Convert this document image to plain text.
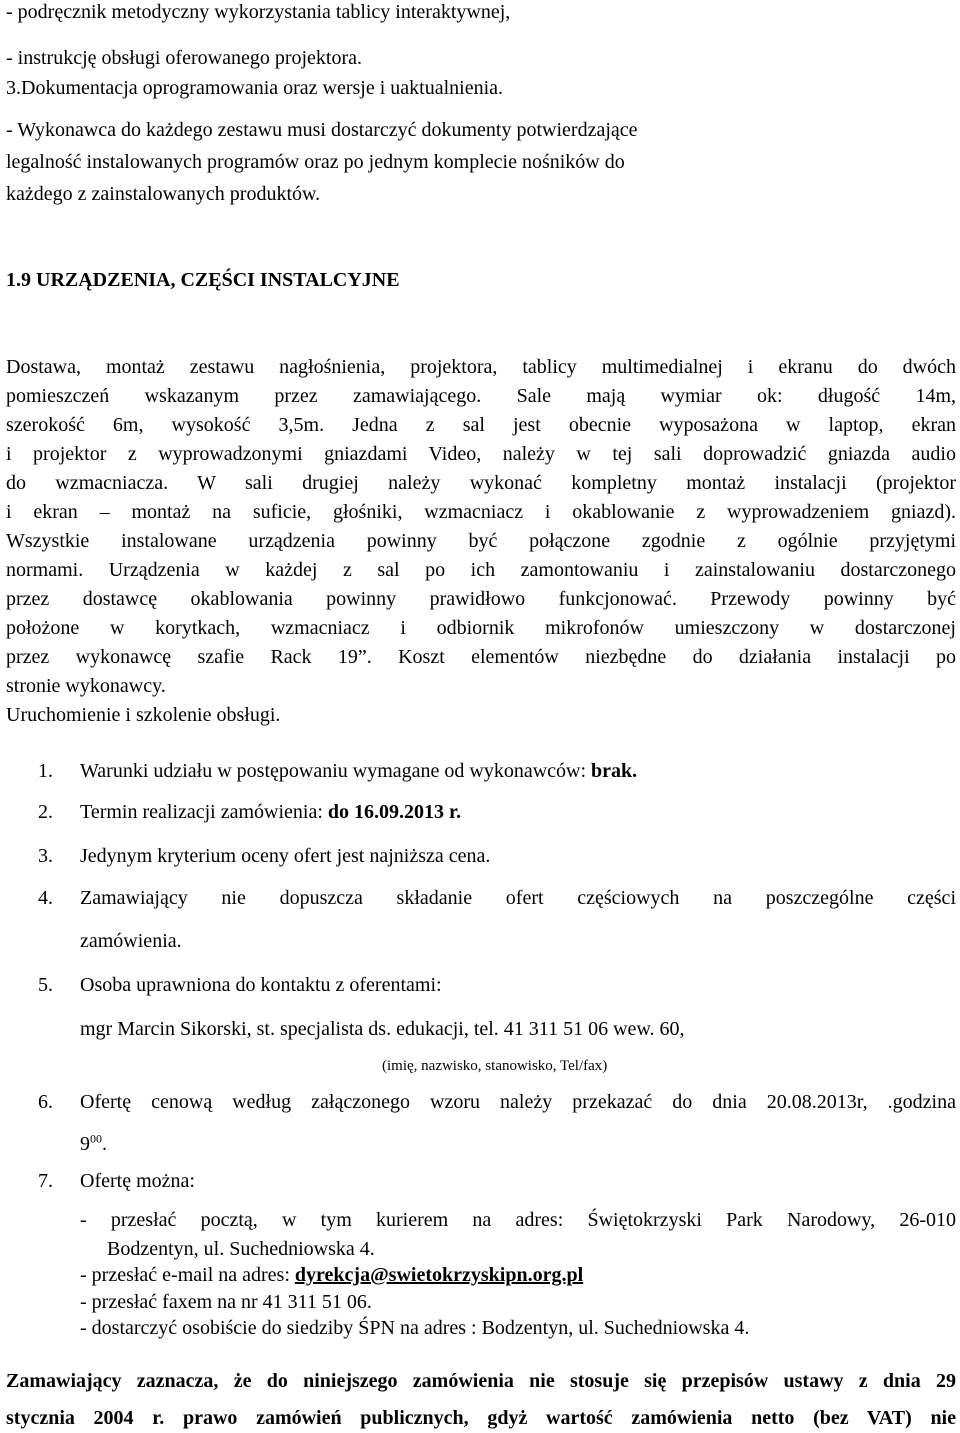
- podręcznik metodyczny wykorzystania tablicy interaktywnej,
- instrukcję obsługi oferowanego projektora.
3.Dokumentacja oprogramowania oraz wersje i uaktualnienia.
- Wykonawca do każdego zestawu musi dostarczyć dokumenty potwierdzające
legalność instalowanych programów oraz po jednym komplecie nośników do
każdego z zainstalowanych produktów.
1.9 URZĄDZENIA, CZĘŚCI INSTALCYJNE
Dostawa, montaż zestawu nagłośnienia, projektora, tablicy multimedialnej i ekranu do dwóch
pomieszczeń wskazanym przez zamawiającego. Sale mają wymiar ok: długość 14m,
szerokość 6m, wysokość 3,5m. Jedna z sal jest obecnie wyposażona w laptop, ekran
i projektor z wyprowadzonymi gniazdami Video, należy w tej sali doprowadzić gniazda audio
do wzmacniacza. W sali drugiej należy wykonać kompletny montaż instalacji (projektor
i ekran – montaż na suficie, głośniki, wzmacniacz i okablowanie z wyprowadzeniem gniazd).
Wszystkie instalowane urządzenia powinny być połączone zgodnie z ogólnie przyjętymi
normami. Urządzenia w każdej z sal po ich zamontowaniu i zainstalowaniu dostarczonego
przez dostawcę okablowania powinny prawidłowo funkcjonować. Przewody powinny być
położone w korytkach, wzmacniacz i odbiornik mikrofonów umieszczony w dostarczonej
przez wykonawcę szafie Rack 19”. Koszt elementów niezbędne do działania instalacji po
stronie wykonawcy.
Uruchomienie i szkolenie obsługi.
1. Warunki udziału w postępowaniu wymagane od wykonawców: brak.
2. Termin realizacji zamówienia: do 16.09.2013 r.
3. Jedynym kryterium oceny ofert jest najniższa cena.
4. Zamawiający nie dopuszcza składanie ofert częściowych na poszczególne części
zamówienia.
5. Osoba uprawniona do kontaktu z oferentami:
mgr Marcin Sikorski, st. specjalista ds. edukacji, tel. 41 311 51 06 wew. 60,
(imię, nazwisko, stanowisko, Tel/fax)
6. Ofertę cenową według załączonego wzoru należy przekazać do dnia 20.08.2013r, .godzina
$9^{00}$.
7. Ofertę można:
- przesłać pocztą, w tym kurierem na adres: Świętokrzyski Park Narodowy, 26-010
Bodzentyn, ul. Suchedniowska 4.
- przesłać e-mail na adres: dyrekcja@swietokrzyskipn.org.pl
- przesłać faxem na nr 41 311 51 06.
- dostarczyć osobiście do siedziby ŚPN na adres : Bodzentyn, ul. Suchedniowska 4.
Zamawiający zaznacza, że do niniejszego zamówienia nie stosuje się przepisów ustawy z dnia 29
stycznia 2004 r. prawo zamówień publicznych, gdyż wartość zamówienia netto (bez VAT) nie
